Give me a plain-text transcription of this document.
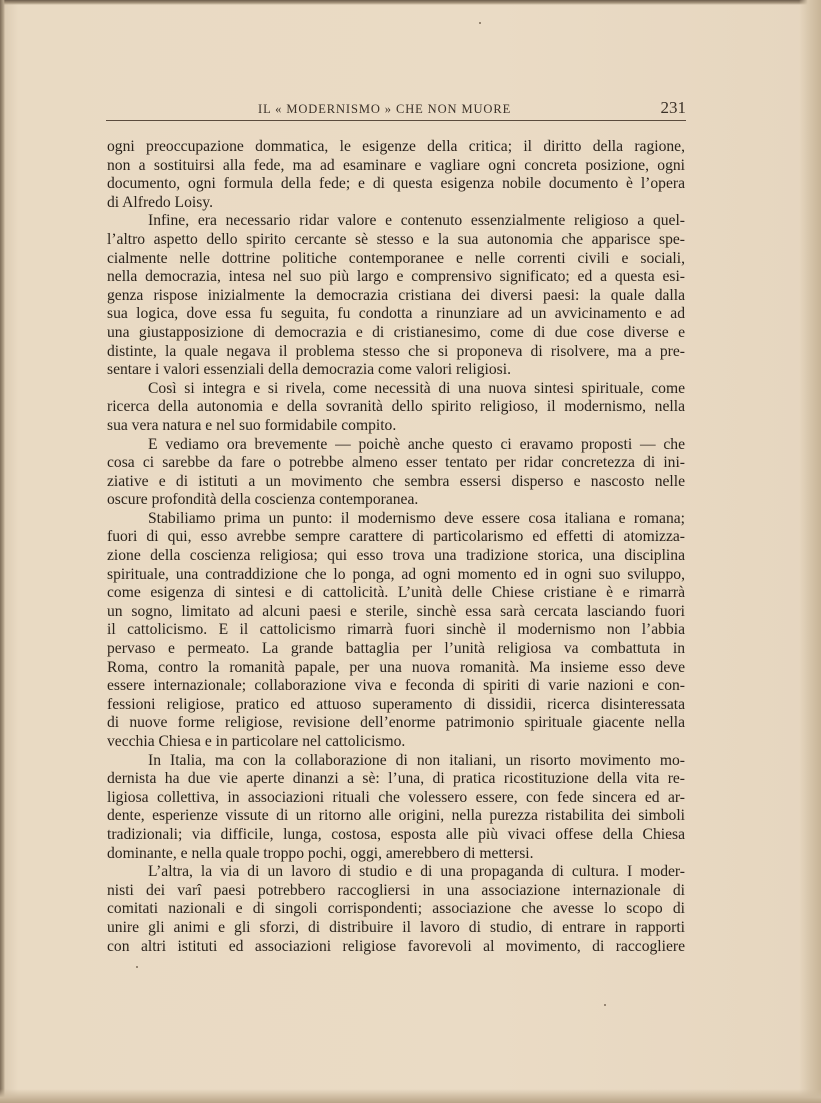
IL « MODERNISMO » CHE NON MUORE	231
ogni preoccupazione dommatica, le esigenze della critica; il diritto della ragione,
non a sostituirsi alla fede, ma ad esaminare e vagliare ogni concreta posizione, ogni
documento, ogni formula della fede; e di questa esigenza nobile documento è l’opera
di Alfredo Loisy.
Infine, era necessario ridar valore e contenuto essenzialmente religioso a quel-
l’altro aspetto dello spirito cercante sè stesso e la sua autonomia che apparisce spe-
cialmente nelle dottrine politiche contemporanee e nelle correnti civili e sociali,
nella democrazia, intesa nel suo più largo e comprensivo significato; ed a questa esi-
genza rispose inizialmente la democrazia cristiana dei diversi paesi: la quale dalla
sua logica, dove essa fu seguita, fu condotta a rinunziare ad un avvicinamento e ad
una giustapposizione di democrazia e di cristianesimo, come di due cose diverse e
distinte, la quale negava il problema stesso che si proponeva di risolvere, ma a pre-
sentare i valori essenziali della democrazia come valori religiosi.
Così si integra e si rivela, come necessità di una nuova sintesi spirituale, come
ricerca della autonomia e della sovranità dello spirito religioso, il modernismo, nella
sua vera natura e nel suo formidabile compito.
E vediamo ora brevemente — poichè anche questo ci eravamo proposti — che
cosa ci sarebbe da fare o potrebbe almeno esser tentato per ridar concretezza di ini-
ziative e di istituti a un movimento che sembra essersi disperso e nascosto nelle
oscure profondità della coscienza contemporanea.
Stabiliamo prima un punto: il modernismo deve essere cosa italiana e romana;
fuori di qui, esso avrebbe sempre carattere di particolarismo ed effetti di atomizza-
zione della coscienza religiosa; qui esso trova una tradizione storica, una disciplina
spirituale, una contraddizione che lo ponga, ad ogni momento ed in ogni suo sviluppo,
come esigenza di sintesi e di cattolicità. L’unità delle Chiese cristiane è e rimarrà
un sogno, limitato ad alcuni paesi e sterile, sinchè essa sarà cercata lasciando fuori
il cattolicismo. E il cattolicismo rimarrà fuori sinchè il modernismo non l’abbia
pervaso e permeato. La grande battaglia per l’unità religiosa va combattuta in
Roma, contro la romanità papale, per una nuova romanità. Ma insieme esso deve
essere internazionale; collaborazione viva e feconda di spiriti di varie nazioni e con-
fessioni religiose, pratico ed attuoso superamento di dissidii, ricerca disinteressata
di nuove forme religiose, revisione dell’enorme patrimonio spirituale giacente nella
vecchia Chiesa e in particolare nel cattolicismo.
In Italia, ma con la collaborazione di non italiani, un risorto movimento mo-
dernista ha due vie aperte dinanzi a sè: l’una, di pratica ricostituzione della vita re-
ligiosa collettiva, in associazioni rituali che volessero essere, con fede sincera ed ar-
dente, esperienze vissute di un ritorno alle origini, nella purezza ristabilita dei simboli
tradizionali; via difficile, lunga, costosa, esposta alle più vivaci offese della Chiesa
dominante, e nella quale troppo pochi, oggi, amerebbero di mettersi.
L’altra, la via di un lavoro di studio e di una propaganda di cultura. I moder-
nisti dei varî paesi potrebbero raccogliersi in una associazione internazionale di
comitati nazionali e di singoli corrispondenti; associazione che avesse lo scopo di
unire gli animi e gli sforzi, di distribuire il lavoro di studio, di entrare in rapporti
con altri istituti ed associazioni religiose favorevoli al movimento, di raccogliere
